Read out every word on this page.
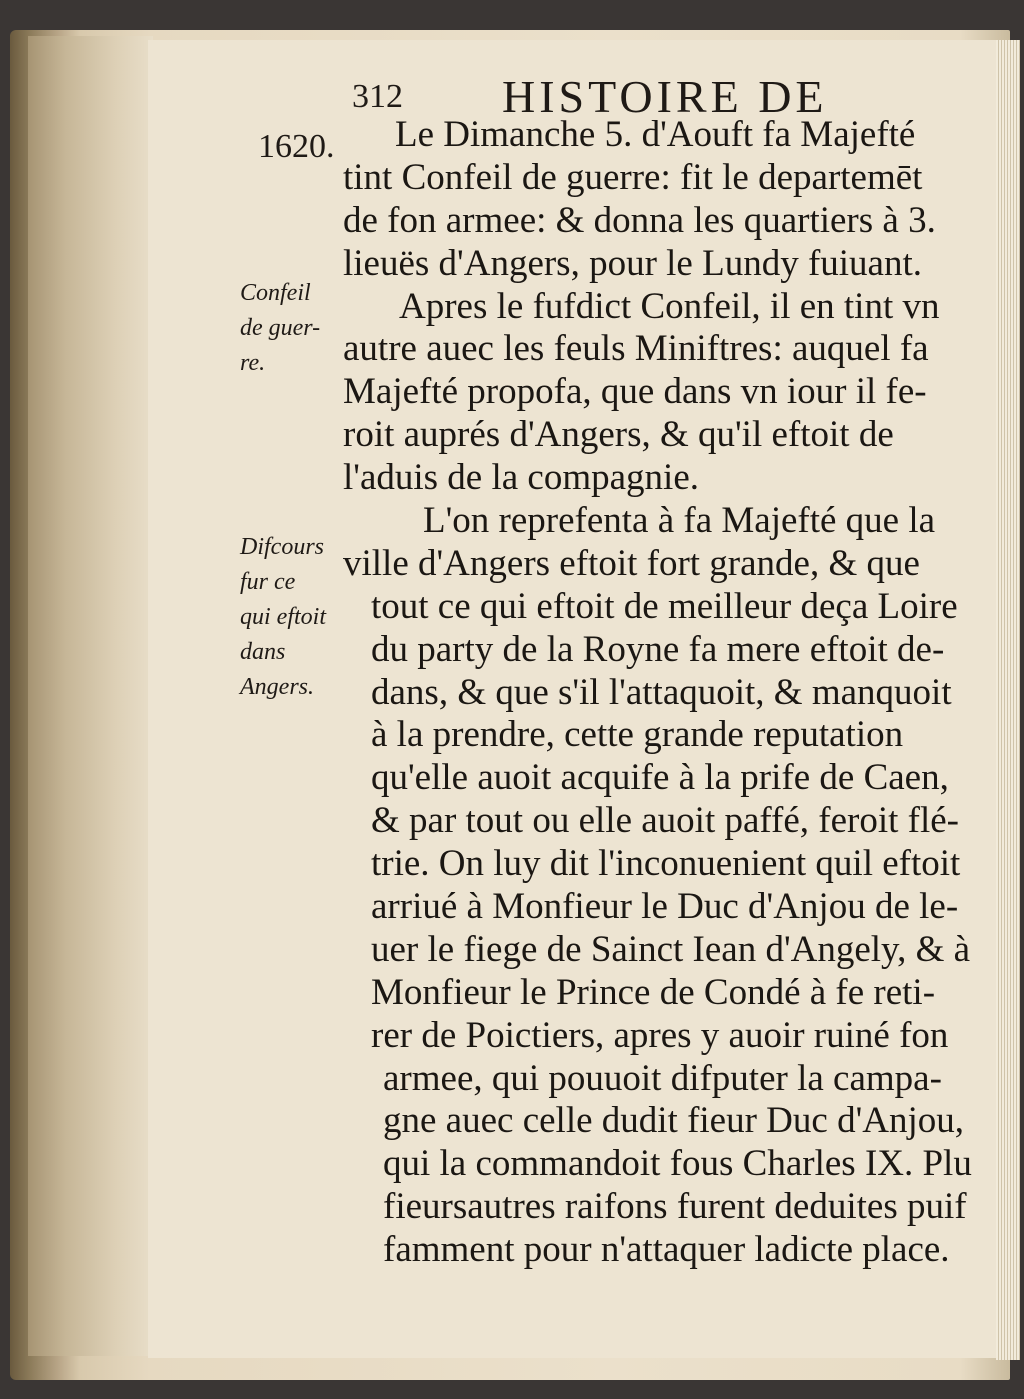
312 HISTOIRE DE
1620.
Confeil
de guer-
re.
Difcours
fur ce
qui eftoit
dans
Angers.
Le Dimanche 5. d'Aouft fa Majefté
tint Confeil de guerre: fit le departemēt
de fon armee: & donna les quartiers à 3.
lieuës d'Angers, pour le Lundy fuiuant.
Apres le fufdict Confeil, il en tint vn
autre auec les feuls Miniftres: auquel fa
Majefté propofa, que dans vn iour il fe-
roit auprés d'Angers, & qu'il eftoit de
l'aduis de la compagnie.
L'on reprefenta à fa Majefté que la
ville d'Angers eftoit fort grande, & que
tout ce qui eftoit de meilleur deça Loire
du party de la Royne fa mere eftoit de-
dans, & que s'il l'attaquoit, & manquoit
à la prendre, cette grande reputation
qu'elle auoit acquife à la prife de Caen,
& par tout ou elle auoit paffé, feroit flé-
trie. On luy dit l'inconuenient quil eftoit
arriué à Monfieur le Duc d'Anjou de le-
uer le fiege de Sainct Iean d'Angely, & à
Monfieur le Prince de Condé à fe reti-
rer de Poictiers, apres y auoir ruiné fon
armee, qui pouuoit difputer la campa-
gne auec celle dudit fieur Duc d'Anjou,
qui la commandoit fous Charles IX. Plu
fieursautres raifons furent deduites puif
famment pour n'attaquer ladicte place.
